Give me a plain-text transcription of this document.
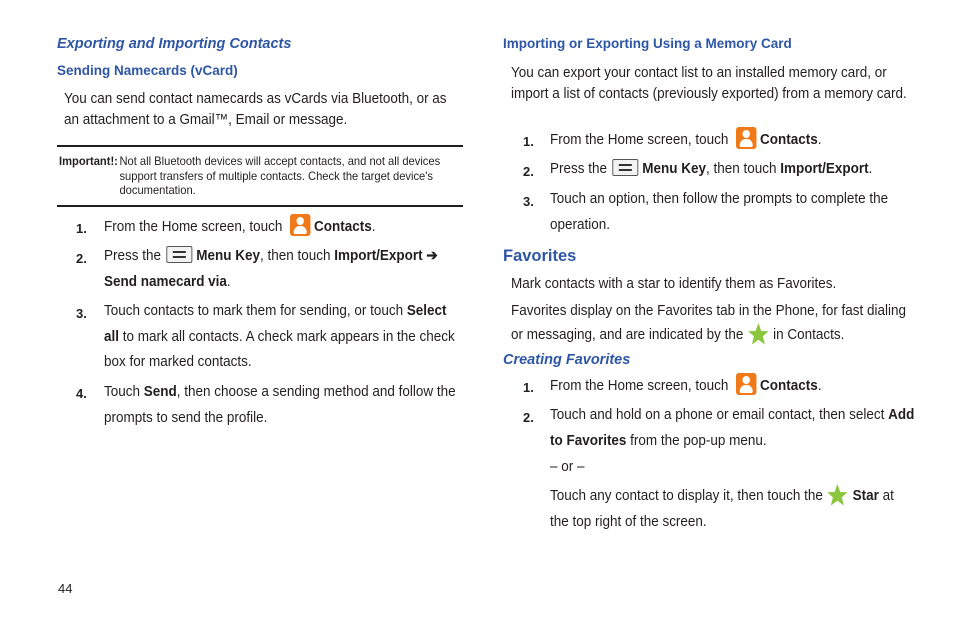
Exporting and Importing Contacts
Sending Namecards (vCard)
You can send contact namecards as vCards via Bluetooth, or as an attachment to a Gmail™, Email or message.
Important!: Not all Bluetooth devices will accept contacts, and not all devices support transfers of multiple contacts. Check the target device's documentation.
1. From the Home screen, touch Contacts.
2. Press the Menu Key, then touch Import/Export ➔ Send namecard via.
3. Touch contacts to mark them for sending, or touch Select all to mark all contacts. A check mark appears in the check box for marked contacts.
4. Touch Send, then choose a sending method and follow the prompts to send the profile.
44
Importing or Exporting Using a Memory Card
You can export your contact list to an installed memory card, or import a list of contacts (previously exported) from a memory card.
1. From the Home screen, touch Contacts.
2. Press the Menu Key, then touch Import/Export.
3. Touch an option, then follow the prompts to complete the operation.
Favorites
Mark contacts with a star to identify them as Favorites.
Favorites display on the Favorites tab in the Phone, for fast dialing or messaging, and are indicated by the in Contacts.
Creating Favorites
1. From the Home screen, touch Contacts.
2. Touch and hold on a phone or email contact, then select Add to Favorites from the pop-up menu.
– or –
Touch any contact to display it, then touch the Star at the top right of the screen.
